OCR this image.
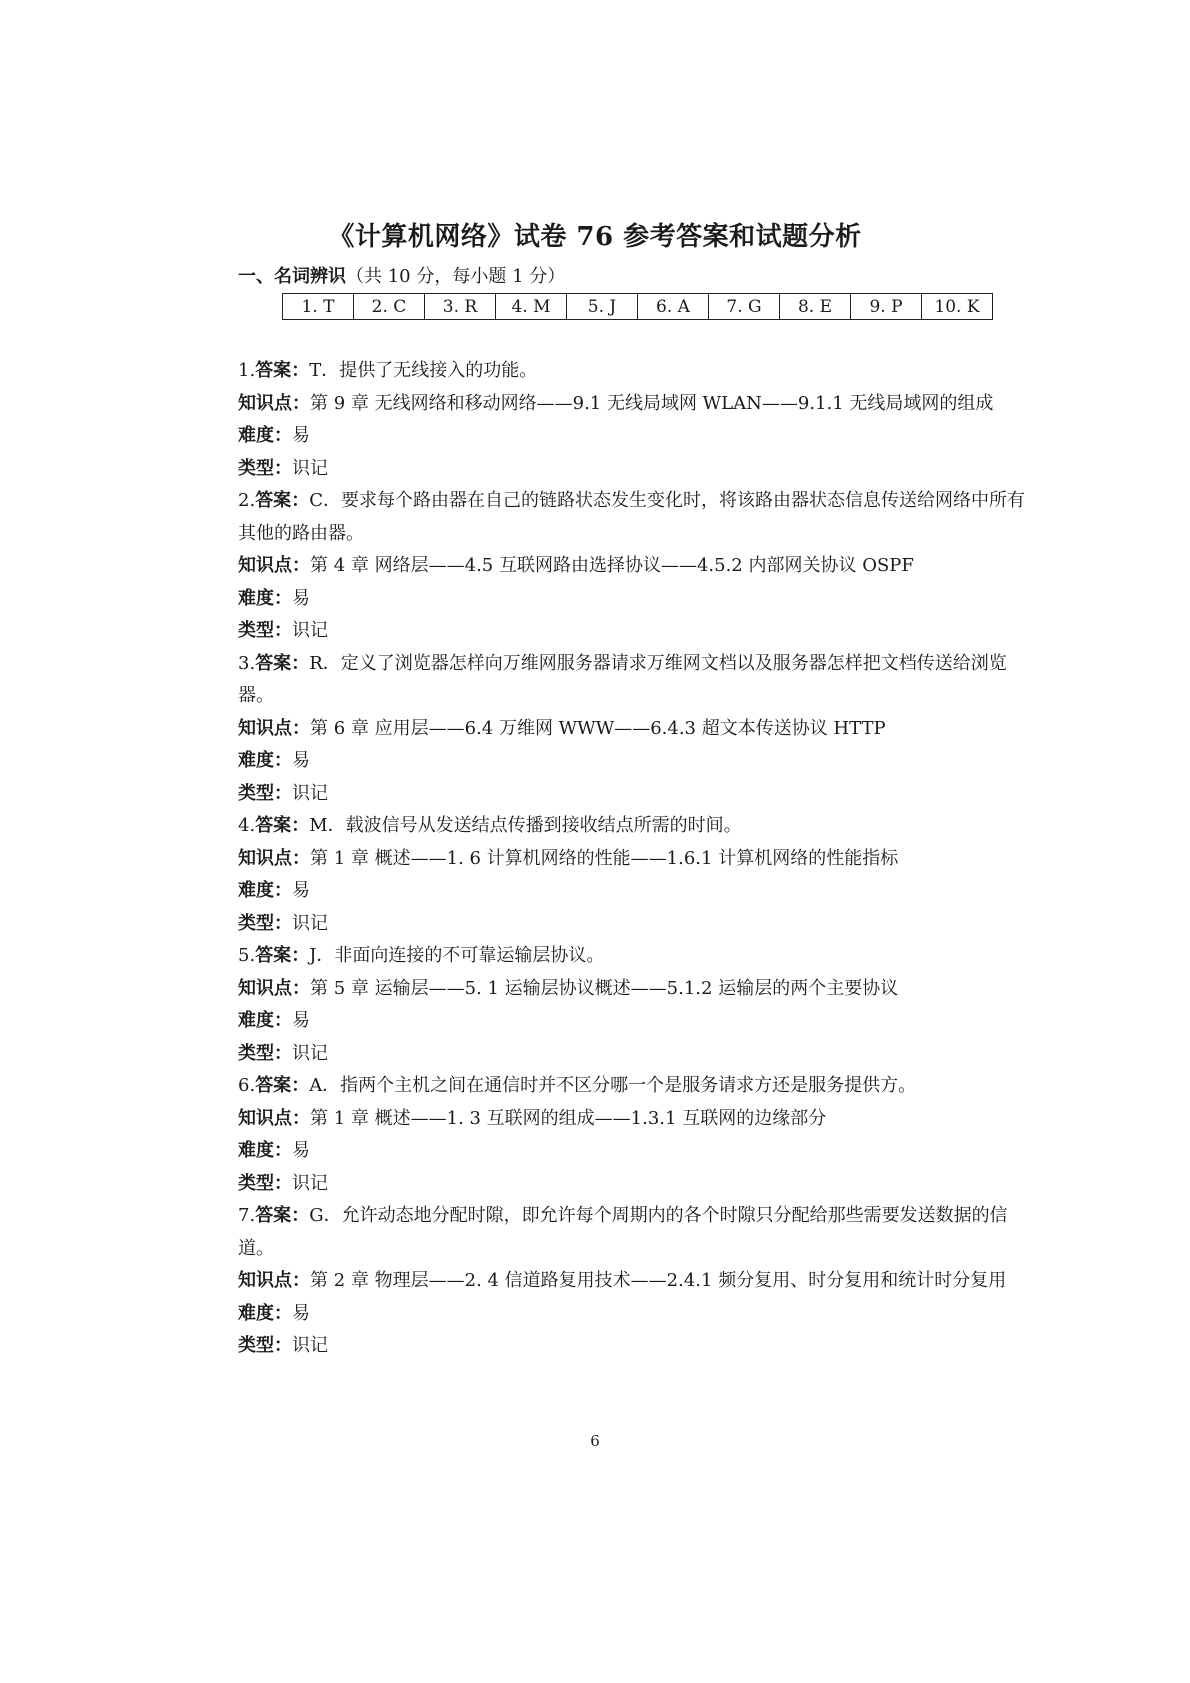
《计算机网络》试卷 76 参考答案和试题分析
一、名词辨识（共 10 分，每小题 1 分）
1. T	2. C	3. R	4. M	5. J	6. A	7. G	8. E	9. P	10. K
1.答案：T．提供了无线接入的功能。
知识点：第 9 章 无线网络和移动网络——9.1 无线局域网 WLAN——9.1.1 无线局域网的组成
难度：易
类型：识记
2.答案：C．要求每个路由器在自己的链路状态发生变化时，将该路由器状态信息传送给网络中所有其他的路由器。
知识点：第 4 章 网络层——4.5 互联网路由选择协议——4.5.2 内部网关协议 OSPF
难度：易
类型：识记
3.答案：R．定义了浏览器怎样向万维网服务器请求万维网文档以及服务器怎样把文档传送给浏览器。
知识点：第 6 章 应用层——6.4 万维网 WWW——6.4.3 超文本传送协议 HTTP
难度：易
类型：识记
4.答案：M．载波信号从发送结点传播到接收结点所需的时间。
知识点：第 1 章 概述——1. 6 计算机网络的性能——1.6.1 计算机网络的性能指标
难度：易
类型：识记
5.答案：J．非面向连接的不可靠运输层协议。
知识点：第 5 章 运输层——5. 1 运输层协议概述——5.1.2 运输层的两个主要协议
难度：易
类型：识记
6.答案：A．指两个主机之间在通信时并不区分哪一个是服务请求方还是服务提供方。
知识点：第 1 章 概述——1. 3 互联网的组成——1.3.1 互联网的边缘部分
难度：易
类型：识记
7.答案：G．允许动态地分配时隙，即允许每个周期内的各个时隙只分配给那些需要发送数据的信道。
知识点：第 2 章 物理层——2. 4 信道路复用技术——2.4.1 频分复用、时分复用和统计时分复用
难度：易
类型：识记
6
